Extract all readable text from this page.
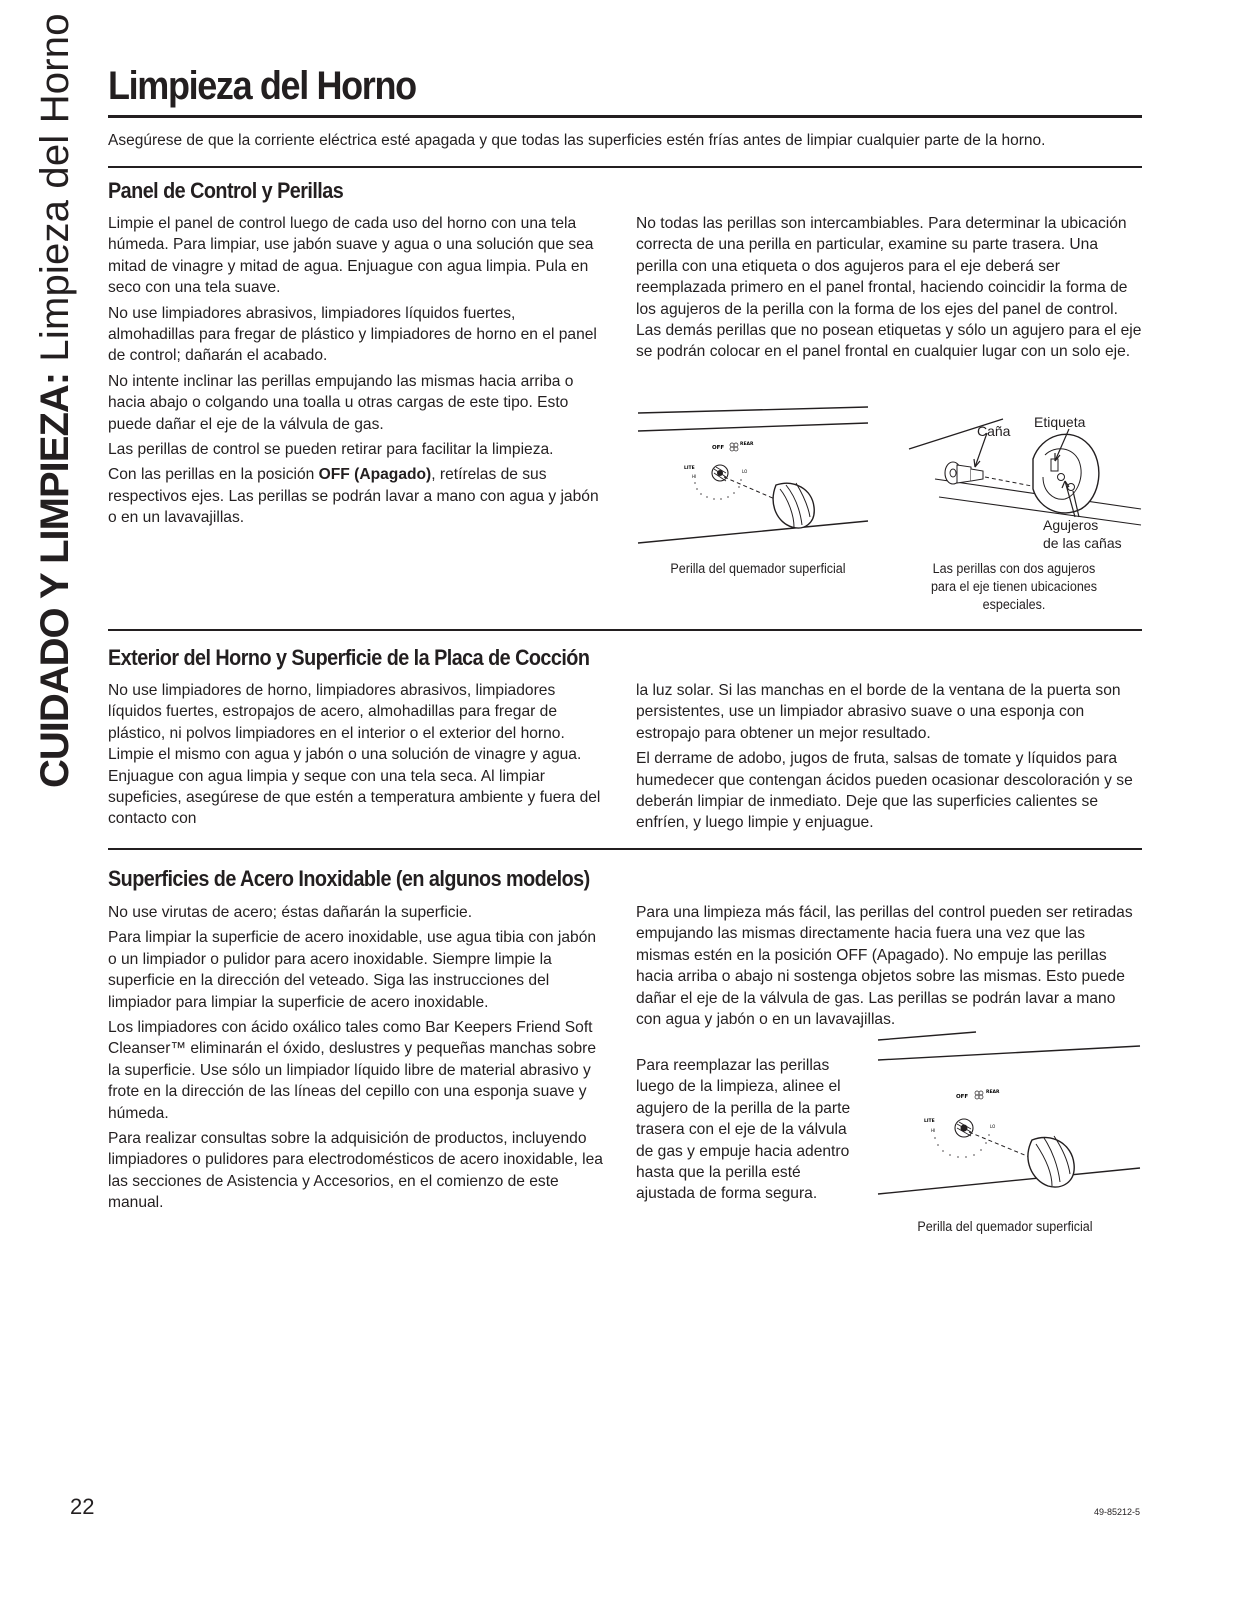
CUIDADO Y LIMPIEZA: Limpieza del Horno Limpieza del Horno
Asegúrese de que la corriente eléctrica esté apagada y que todas las superficies estén frías antes de limpiar cualquier parte de la horno.
Panel de Control y Perillas

Limpie el panel de control luego de cada uso del horno con una tela húmeda. Para limpiar, use jabón suave y agua o una solución que sea mitad de vinagre y mitad de agua. Enjuague con agua limpia. Pula en seco con una tela suave.

No use limpiadores abrasivos, limpiadores líquidos fuertes, almohadillas para fregar de plástico y limpiadores de horno en el panel de control; dañarán el acabado.

No intente inclinar las perillas empujando las mismas hacia arriba o hacia abajo o colgando una toalla u otras cargas de este tipo. Esto puede dañar el eje de la válvula de gas.

Las perillas de control se pueden retirar para facilitar la limpieza.

Con las perillas en la posición OFF (Apagado), retírelas de sus respectivos ejes. Las perillas se podrán lavar a mano con agua y jabón o en un lavavajillas.

No todas las perillas son intercambiables. Para determinar la ubicación correcta de una perilla en particular, examine su parte trasera. Una perilla con una etiqueta o dos agujeros para el eje deberá ser reemplazada primero en el panel frontal, haciendo coincidir la forma de los agujeros de la perilla con la forma de los ejes del panel de control. Las demás perillas que no posean etiquetas y sólo un agujero para el eje se podrán colocar en el panel frontal en cualquier lugar con un solo eje.

OFF
REAR
LITE
HI
LO
Caña
Etiqueta
Agujeros
de las cañas
Perilla del quemador superficial	Las perillas con dos agujeros
para el eje tienen ubicaciones
especiales.
Exterior del Horno y Superficie de la Placa de Cocción

No use limpiadores de horno, limpiadores abrasivos, limpiadores líquidos fuertes, estropajos de acero, almohadillas para fregar de plástico, ni polvos limpiadores en el interior o el exterior del horno. Limpie el mismo con agua y jabón o una solución de vinagre y agua. Enjuague con agua limpia y seque con una tela seca. Al limpiar supeficies, asegúrese de que estén a temperatura ambiente y fuera del contacto con

la luz solar. Si las manchas en el borde de la ventana de la puerta son persistentes, use un limpiador abrasivo suave o una esponja con estropajo para obtener un mejor resultado.

El derrame de adobo, jugos de fruta, salsas de tomate y líquidos para humedecer que contengan ácidos pueden ocasionar descoloración y se deberán limpiar de inmediato. Deje que las superficies calientes se enfríen, y luego limpie y enjuague.

Superficies de Acero Inoxidable (en algunos modelos)

No use virutas de acero; éstas dañarán la superficie.

Para limpiar la superficie de acero inoxidable, use agua tibia con jabón o un limpiador o pulidor para acero inoxidable. Siempre limpie la superficie en la dirección del veteado. Siga las instrucciones del limpiador para limpiar la superficie de acero inoxidable.

Los limpiadores con ácido oxálico tales como Bar Keepers Friend Soft Cleanser™ eliminarán el óxido, deslustres y pequeñas manchas sobre la superficie. Use sólo un limpiador líquido libre de material abrasivo y frote en la dirección de las líneas del cepillo con una esponja suave y húmeda.

Para realizar consultas sobre la adquisición de productos, incluyendo limpiadores o pulidores para electrodomésticos de acero inoxidable, lea las secciones de Asistencia y Accesorios, en el comienzo de este manual.

Para una limpieza más fácil, las perillas del control pueden ser retiradas empujando las mismas directamente hacia fuera una vez que las mismas estén en la posición OFF (Apagado). No empuje las perillas hacia arriba o abajo ni sostenga objetos sobre las mismas. Esto puede dañar el eje de la válvula de gas. Las perillas se podrán lavar a mano con agua y jabón o en un lavavajillas.

Para reemplazar las perillas luego de la limpieza, alinee el agujero de la perilla de la parte trasera con el eje de la válvula de gas y empuje hacia adentro hasta que la perilla esté ajustada de forma segura.

OFF
REAR
LITE
HI
LO
Perilla del quemador superficial
22	49-85212-5
